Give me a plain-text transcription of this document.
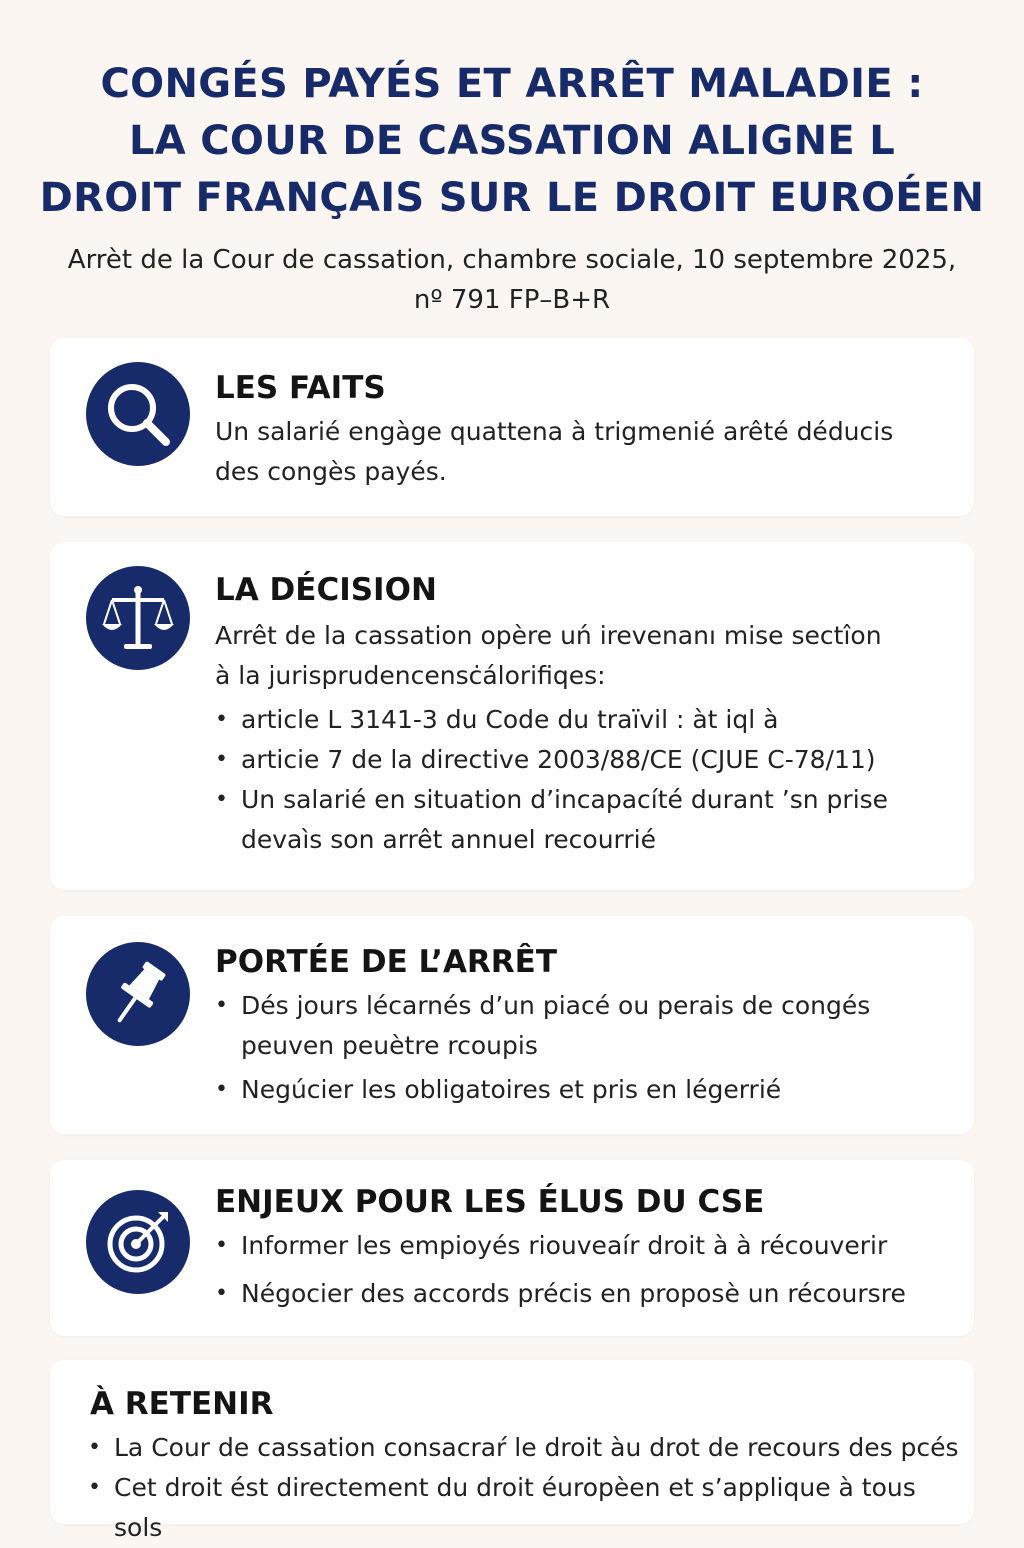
CONGÉS PAYÉS ET ARRÊT MALADIE :
LA COUR DE CASSATION ALIGNE L
DROIT FRANÇAIS SUR LE DROIT EUROÉEN
Arrèt de la Cour de cassation, chambre sociale, 10 septembre 2025,
nº 791 FP–B+R
LES FAITS
Un salarié engàge quattena à trigmenié arêté déducis
des congès payés.
LA DÉCISION
Arrêt de la cassation opère uń irevenanı mise sectîon
à la jurisprudencensċálorifiqes:
• article L 3141-3 du Code du traïvil : àt iql à
• articie 7 de la directive 2003/88/CE (CJUE C-78/11)
• Un salarié en situation d’incapacíté durant ’sn prise devaìs son arrêt annuel recourrié
PORTÉE DE L’ARRÊT
• Dés jours lécarnés d’un piacé ou perais de congés peuven peuètre rcoupis
• Negúcier les obligatoires et pris en légerrié
ENJEUX POUR LES ÉLUS DU CSE
• Informer les empioyés riouveaír droit à à récouverir
• Négocier des accords précis en proposè un récoursre
À RETENIR
• La Cour de cassation consacraŕ le droit àu drot de recours des pcés
• Cet droit ést directement du droit éuropèen et s’applique à tous sols
